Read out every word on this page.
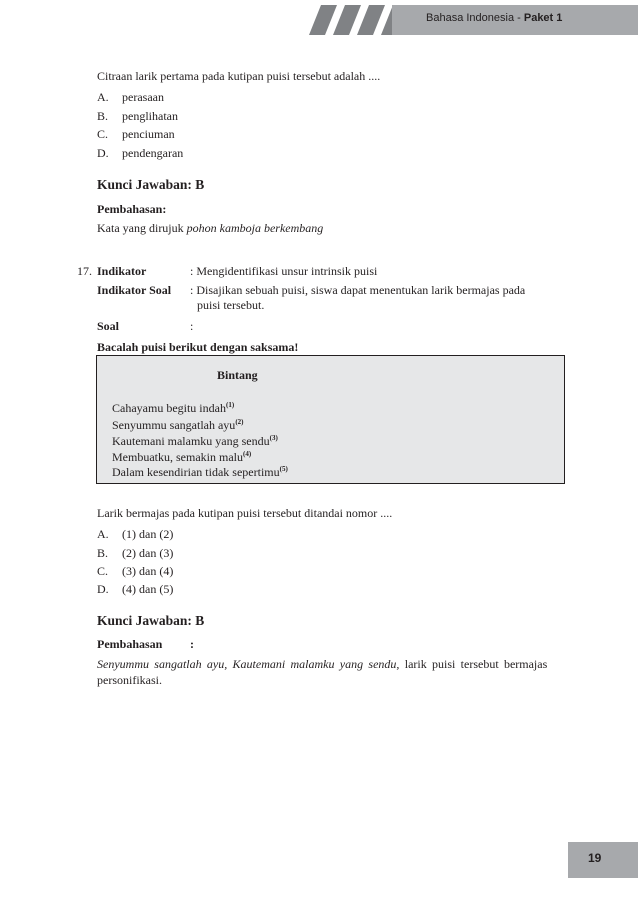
Bahasa Indonesia - Paket 1
Citraan larik pertama pada kutipan puisi tersebut adalah ....
A. perasaan
B. penglihatan
C. penciuman
D. pendengaran
Kunci Jawaban: B
Pembahasan:
Kata yang dirujuk pohon kamboja berkembang
17. Indikator	: Mengidentifikasi unsur intrinsik puisi
Indikator Soal : Disajikan sebuah puisi, siswa dapat menentukan larik bermajas pada
puisi tersebut.
Soal	:
Bacalah puisi berikut dengan saksama!
Bintang
Cahayamu begitu indah$^{(1)}$
Senyummu sangatlah ayu$^{(2)}$
Kautemani malamku yang sendu$^{(3)}$
Membuatku, semakin malu$^{(4)}$
Dalam kesendirian tidak sepertimu$^{(5)}$
Larik bermajas pada kutipan puisi tersebut ditandai nomor ....
A. (1) dan (2)
B. (2) dan (3)
C. (3) dan (4)
D. (4) dan (5)
Kunci Jawaban: B
Pembahasan :
Senyummu sangatlah ayu, Kautemani malamku yang sendu, larik puisi tersebut bermajas
personifikasi.
19
